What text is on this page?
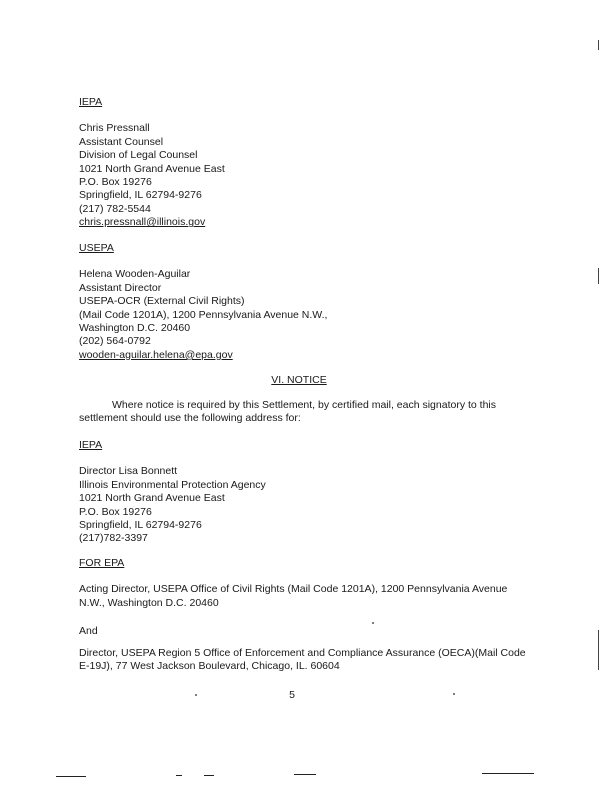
IEPA
Chris Pressnall
Assistant Counsel
Division of Legal Counsel
1021 North Grand Avenue East
P.O. Box 19276
Springfield, IL 62794-9276
(217) 782-5544
chris.pressnall@illinois.gov
USEPA
Helena Wooden-Aguilar
Assistant Director
USEPA-OCR (External Civil Rights)
(Mail Code 1201A), 1200 Pennsylvania Avenue N.W.,
Washington D.C. 20460
(202) 564-0792
wooden-aguilar.helena@epa.gov
VI. NOTICE
Where notice is required by this Settlement, by certified mail, each signatory to this
settlement should use the following address for:
IEPA
Director Lisa Bonnett
Illinois Environmental Protection Agency
1021 North Grand Avenue East
P.O. Box 19276
Springfield, IL 62794-9276
(217)782-3397
FOR EPA
Acting Director, USEPA Office of Civil Rights (Mail Code 1201A), 1200 Pennsylvania Avenue
N.W., Washington D.C. 20460
And
Director, USEPA Region 5 Office of Enforcement and Compliance Assurance (OECA)(Mail Code
E-19J), 77 West Jackson Boulevard, Chicago, IL. 60604
5
